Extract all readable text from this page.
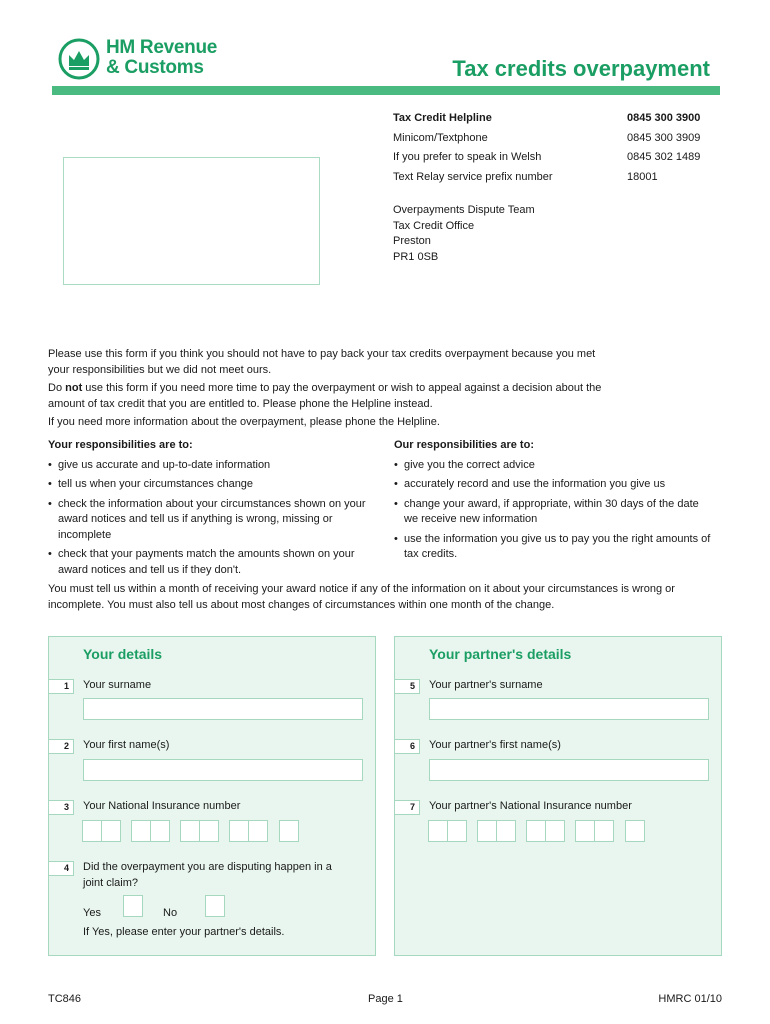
HM Revenue
& Customs	Tax credits overpayment
Tax Credit Helpline	0845 300 3900
Minicom/Textphone	0845 300 3909
If you prefer to speak in Welsh	0845 302 1489
Text Relay service prefix number	18001
Overpayments Dispute Team
Tax Credit Office
Preston
PR1 0SB
Please use this form if you think you should not have to pay back your tax credits overpayment because you met your responsibilities but we did not meet ours.
Do not use this form if you need more time to pay the overpayment or wish to appeal against a decision about the amount of tax credit that you are entitled to. Please phone the Helpline instead.
If you need more information about the overpayment, please phone the Helpline.
Your responsibilities are to:
• give us accurate and up-to-date information
• tell us when your circumstances change
• check the information about your circumstances shown on your award notices and tell us if anything is wrong, missing or incomplete
• check that your payments match the amounts shown on your award notices and tell us if they don't.
Our responsibilities are to:
• give you the correct advice
• accurately record and use the information you give us
• change your award, if appropriate, within 30 days of the date we receive new information
• use the information you give us to pay you the right amounts of tax credits.
You must tell us within a month of receiving your award notice if any of the information on it about your circumstances is wrong or incomplete. You must also tell us about most changes of circumstances within one month of the change.
Your details
1	Your surname
2	Your first name(s)
3	Your National Insurance number
4	Did the overpayment you are disputing happen in a joint claim?
Yes	No
If Yes, please enter your partner's details.
Your partner's details
5	Your partner's surname
6	Your partner's first name(s)
7	Your partner's National Insurance number
TC846	Page 1	HMRC 01/10
